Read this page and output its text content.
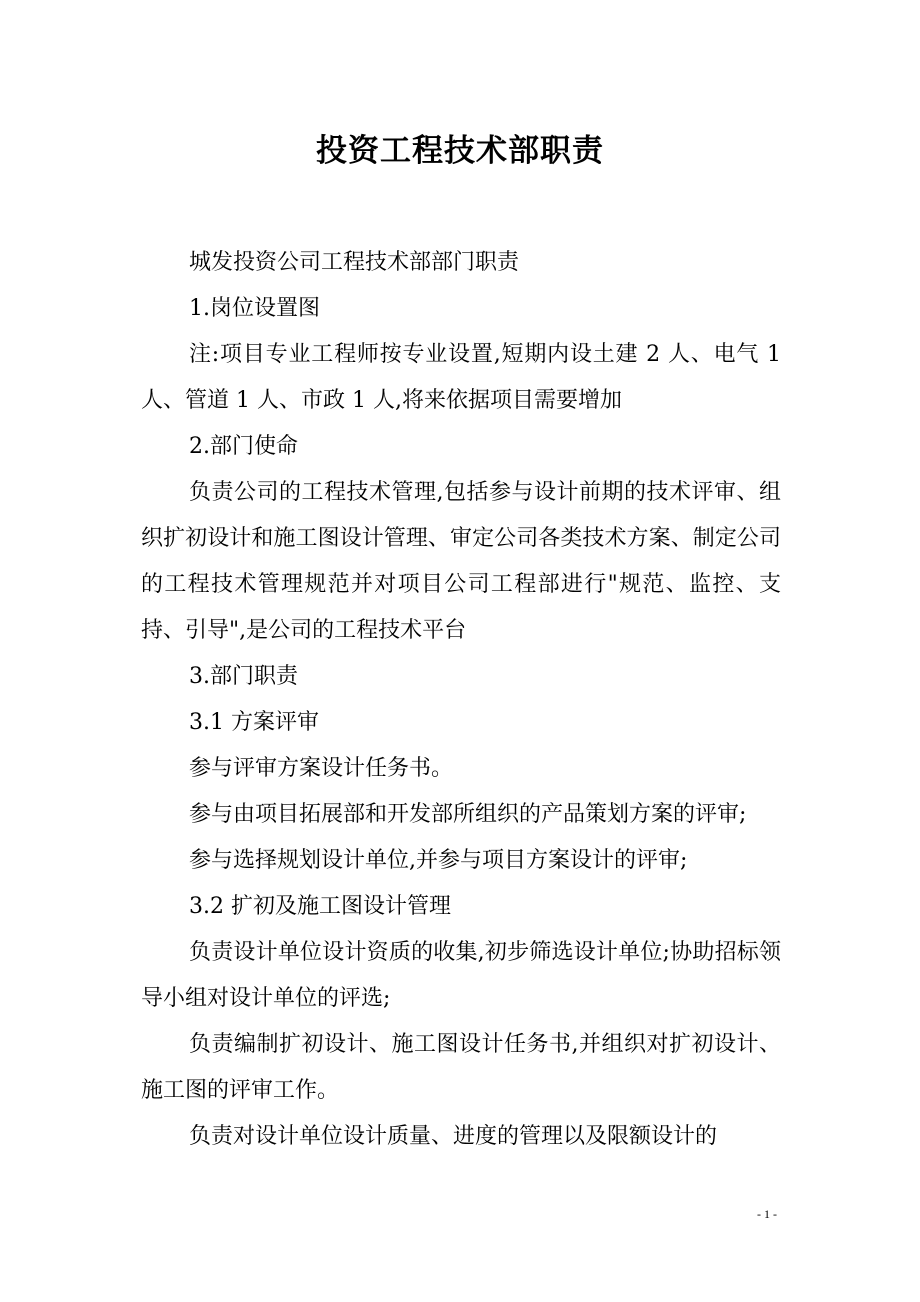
投资工程技术部职责

城发投资公司工程技术部部门职责

1.岗位设置图

注:项目专业工程师按专业设置,短期内设土建 2 人、电气 1 人、管道 1 人、市政 1 人,将来依据项目需要增加

2.部门使命

负责公司的工程技术管理,包括参与设计前期的技术评审、组织扩初设计和施工图设计管理、审定公司各类技术方案、制定公司的工程技术管理规范并对项目公司工程部进行"规范、监控、支持、引导",是公司的工程技术平台

3.部门职责

3.1 方案评审

参与评审方案设计任务书。

参与由项目拓展部和开发部所组织的产品策划方案的评审;

参与选择规划设计单位,并参与项目方案设计的评审;

3.2 扩初及施工图设计管理

负责设计单位设计资质的收集,初步筛选设计单位;协助招标领导小组对设计单位的评选;

负责编制扩初设计、施工图设计任务书,并组织对扩初设计、施工图的评审工作。

负责对设计单位设计质量、进度的管理以及限额设计的

- 1 -
